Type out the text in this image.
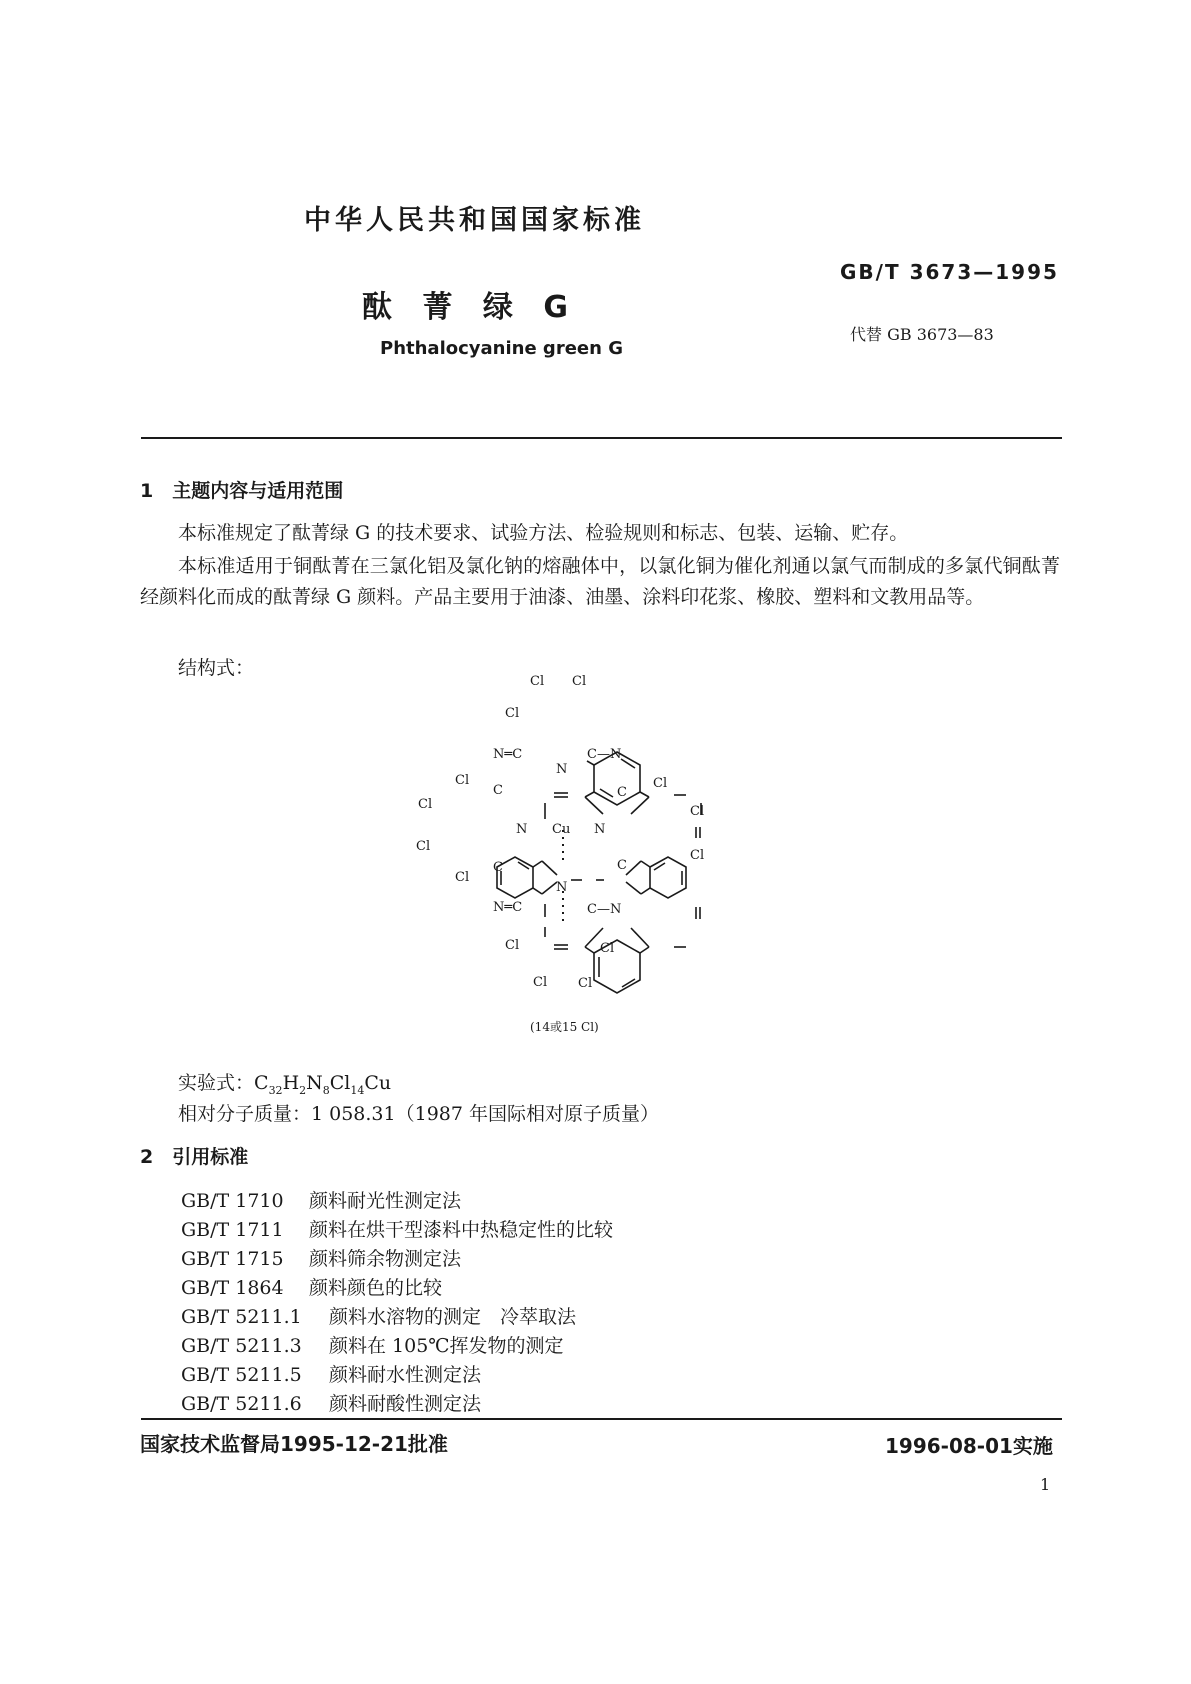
中华人民共和国国家标准
酞 菁 绿 G
Phthalocyanine green G
GB/T 3673—1995
代替 GB 3673—83
1　主题内容与适用范围
本标准规定了酞菁绿 G 的技术要求、试验方法、检验规则和标志、包装、运输、贮存。
本标准适用于铜酞菁在三氯化铝及氯化钠的熔融体中，以氯化铜为催化剂通以氯气而制成的多氯代铜酞菁经颜料化而成的酞菁绿 G 颜料。产品主要用于油漆、油墨、涂料印花浆、橡胶、塑料和文教用品等。
结构式：
Cl Cl
Cl
N═C	C—N
N
C
Cl
C	Cl
Cl	Cl
N Cu N
Cl
Cl
C
C
Cl
N
N═C	C—N
Cl	Cl
Cl Cl
(14或15 Cl)
实验式：$C_{32}H_2N_8Cl_{14}Cu$
相对分子质量：1 058.31（1987 年国际相对原子质量）
2　引用标准
GB/T 1710 颜料耐光性测定法
GB/T 1711 颜料在烘干型漆料中热稳定性的比较
GB/T 1715 颜料筛余物测定法
GB/T 1864 颜料颜色的比较
GB/T 5211.1 颜料水溶物的测定　冷萃取法
GB/T 5211.3 颜料在 105℃挥发物的测定
GB/T 5211.5 颜料耐水性测定法
GB/T 5211.6 颜料耐酸性测定法
国家技术监督局1995-12-21批准	1996-08-01实施
1
